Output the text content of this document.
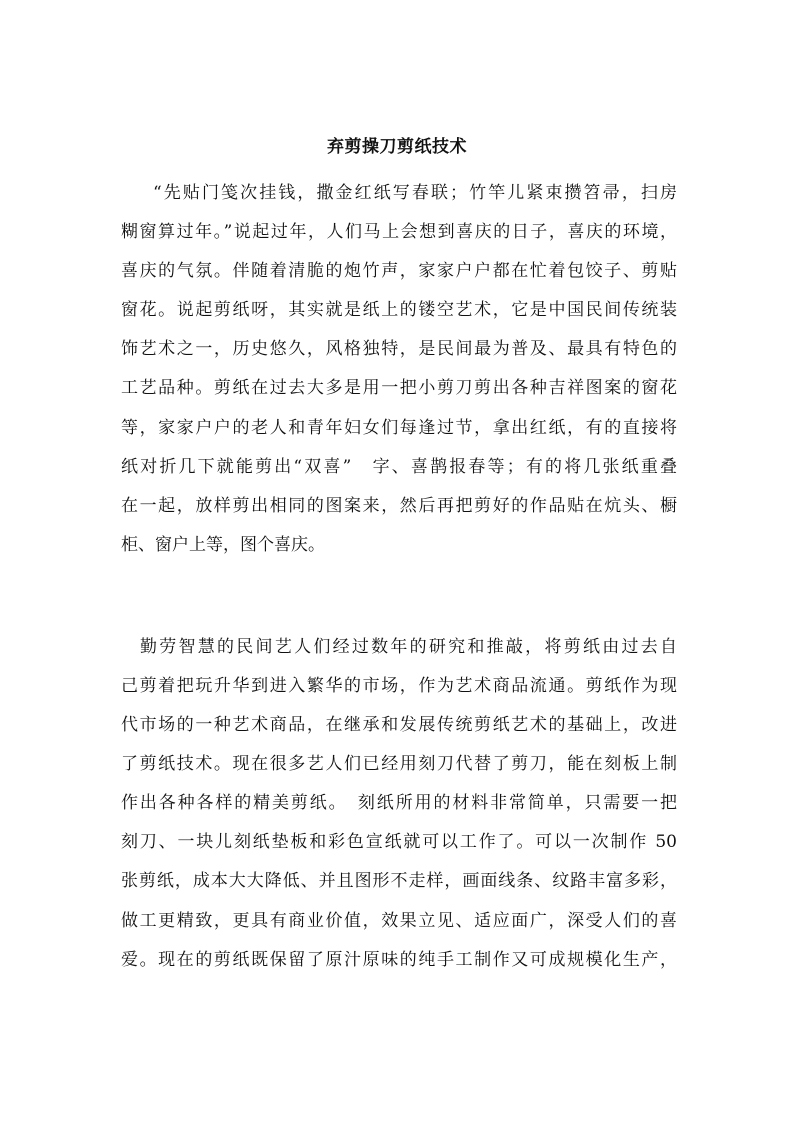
弃剪操刀剪纸技术
“先贴门笺次挂钱，撒金红纸写春联；竹竿儿紧束攒笤帚，扫房
糊窗算过年。”说起过年，人们马上会想到喜庆的日子，喜庆的环境，
喜庆的气氛。伴随着清脆的炮竹声，家家户户都在忙着包饺子、剪贴
窗花。说起剪纸呀，其实就是纸上的镂空艺术，它是中国民间传统装
饰艺术之一，历史悠久，风格独特，是民间最为普及、最具有特色的
工艺品种。剪纸在过去大多是用一把小剪刀剪出各种吉祥图案的窗花
等，家家户户的老人和青年妇女们每逢过节，拿出红纸，有的直接将
纸对折几下就能剪出“双喜”　字、喜鹊报春等；有的将几张纸重叠
在一起，放样剪出相同的图案来，然后再把剪好的作品贴在炕头、橱
柜、窗户上等，图个喜庆。
勤劳智慧的民间艺人们经过数年的研究和推敲，将剪纸由过去自
己剪着把玩升华到进入繁华的市场，作为艺术商品流通。剪纸作为现
代市场的一种艺术商品，在继承和发展传统剪纸艺术的基础上，改进
了剪纸技术。现在很多艺人们已经用刻刀代替了剪刀，能在刻板上制
作出各种各样的精美剪纸。　刻纸所用的材料非常简单，只需要一把
刻刀、一块儿刻纸垫板和彩色宣纸就可以工作了。可以一次制作 50
张剪纸，成本大大降低、并且图形不走样，画面线条、纹路丰富多彩，
做工更精致，更具有商业价值，效果立见、适应面广，深受人们的喜
爱。现在的剪纸既保留了原汁原味的纯手工制作又可成规模化生产，
